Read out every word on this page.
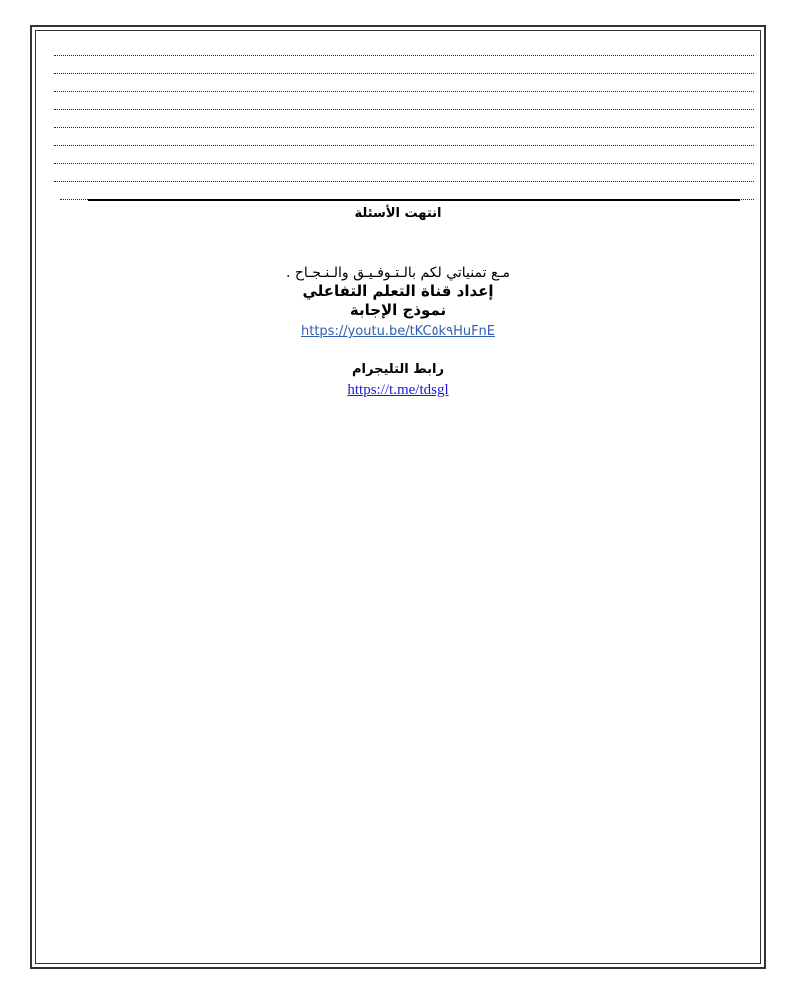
انتهت الأسئلة
مـع تمنياتي لكم بالـتـوفـيـق والـنـجـاح .
إعداد قناة التعلم التفاعلي
نموذج الإجابة
https://youtu.be/tKC٥k٩HuFnE
رابط التليجرام
https://t.me/tdsgl
